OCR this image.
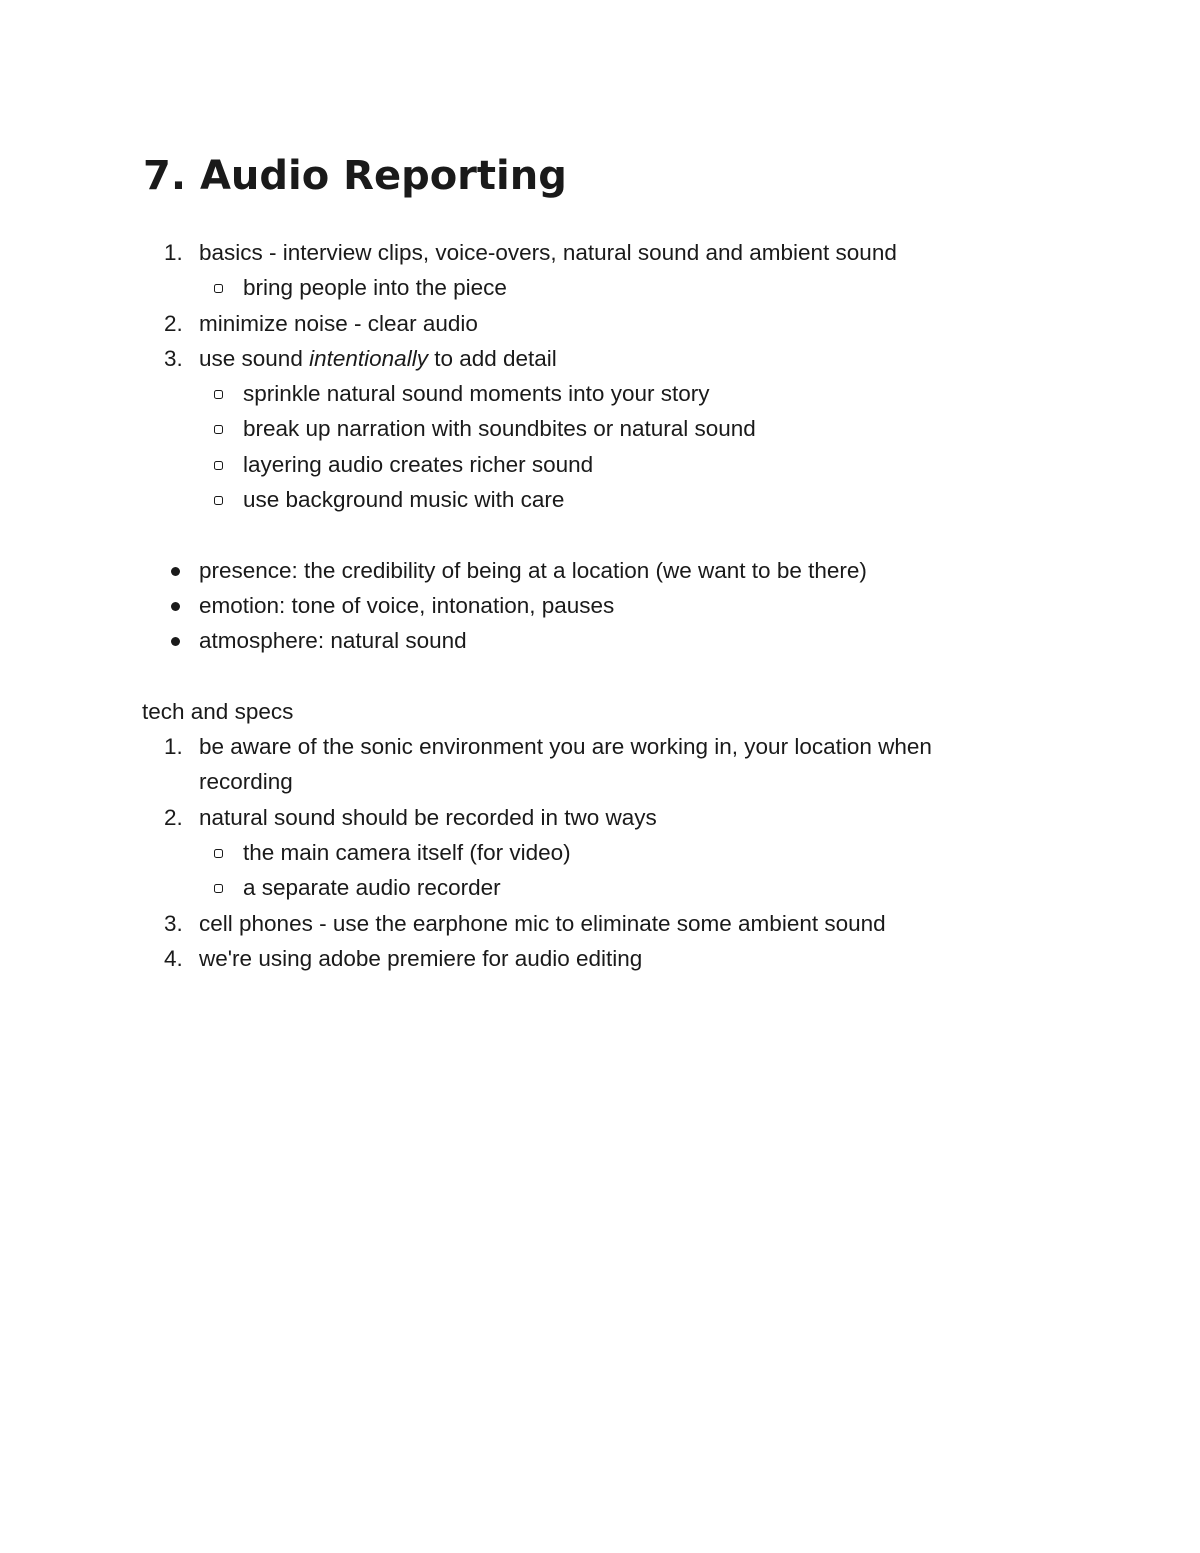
7. Audio Reporting
1. basics - interview clips, voice-overs, natural sound and ambient sound
bring people into the piece
2. minimize noise - clear audio
3. use sound intentionally to add detail
sprinkle natural sound moments into your story
break up narration with soundbites or natural sound
layering audio creates richer sound
use background music with care
presence: the credibility of being at a location (we want to be there)
emotion: tone of voice, intonation, pauses
atmosphere: natural sound
tech and specs
1. be aware of the sonic environment you are working in, your location when
recording
2. natural sound should be recorded in two ways
the main camera itself (for video)
a separate audio recorder
3. cell phones - use the earphone mic to eliminate some ambient sound
4. we're using adobe premiere for audio editing
